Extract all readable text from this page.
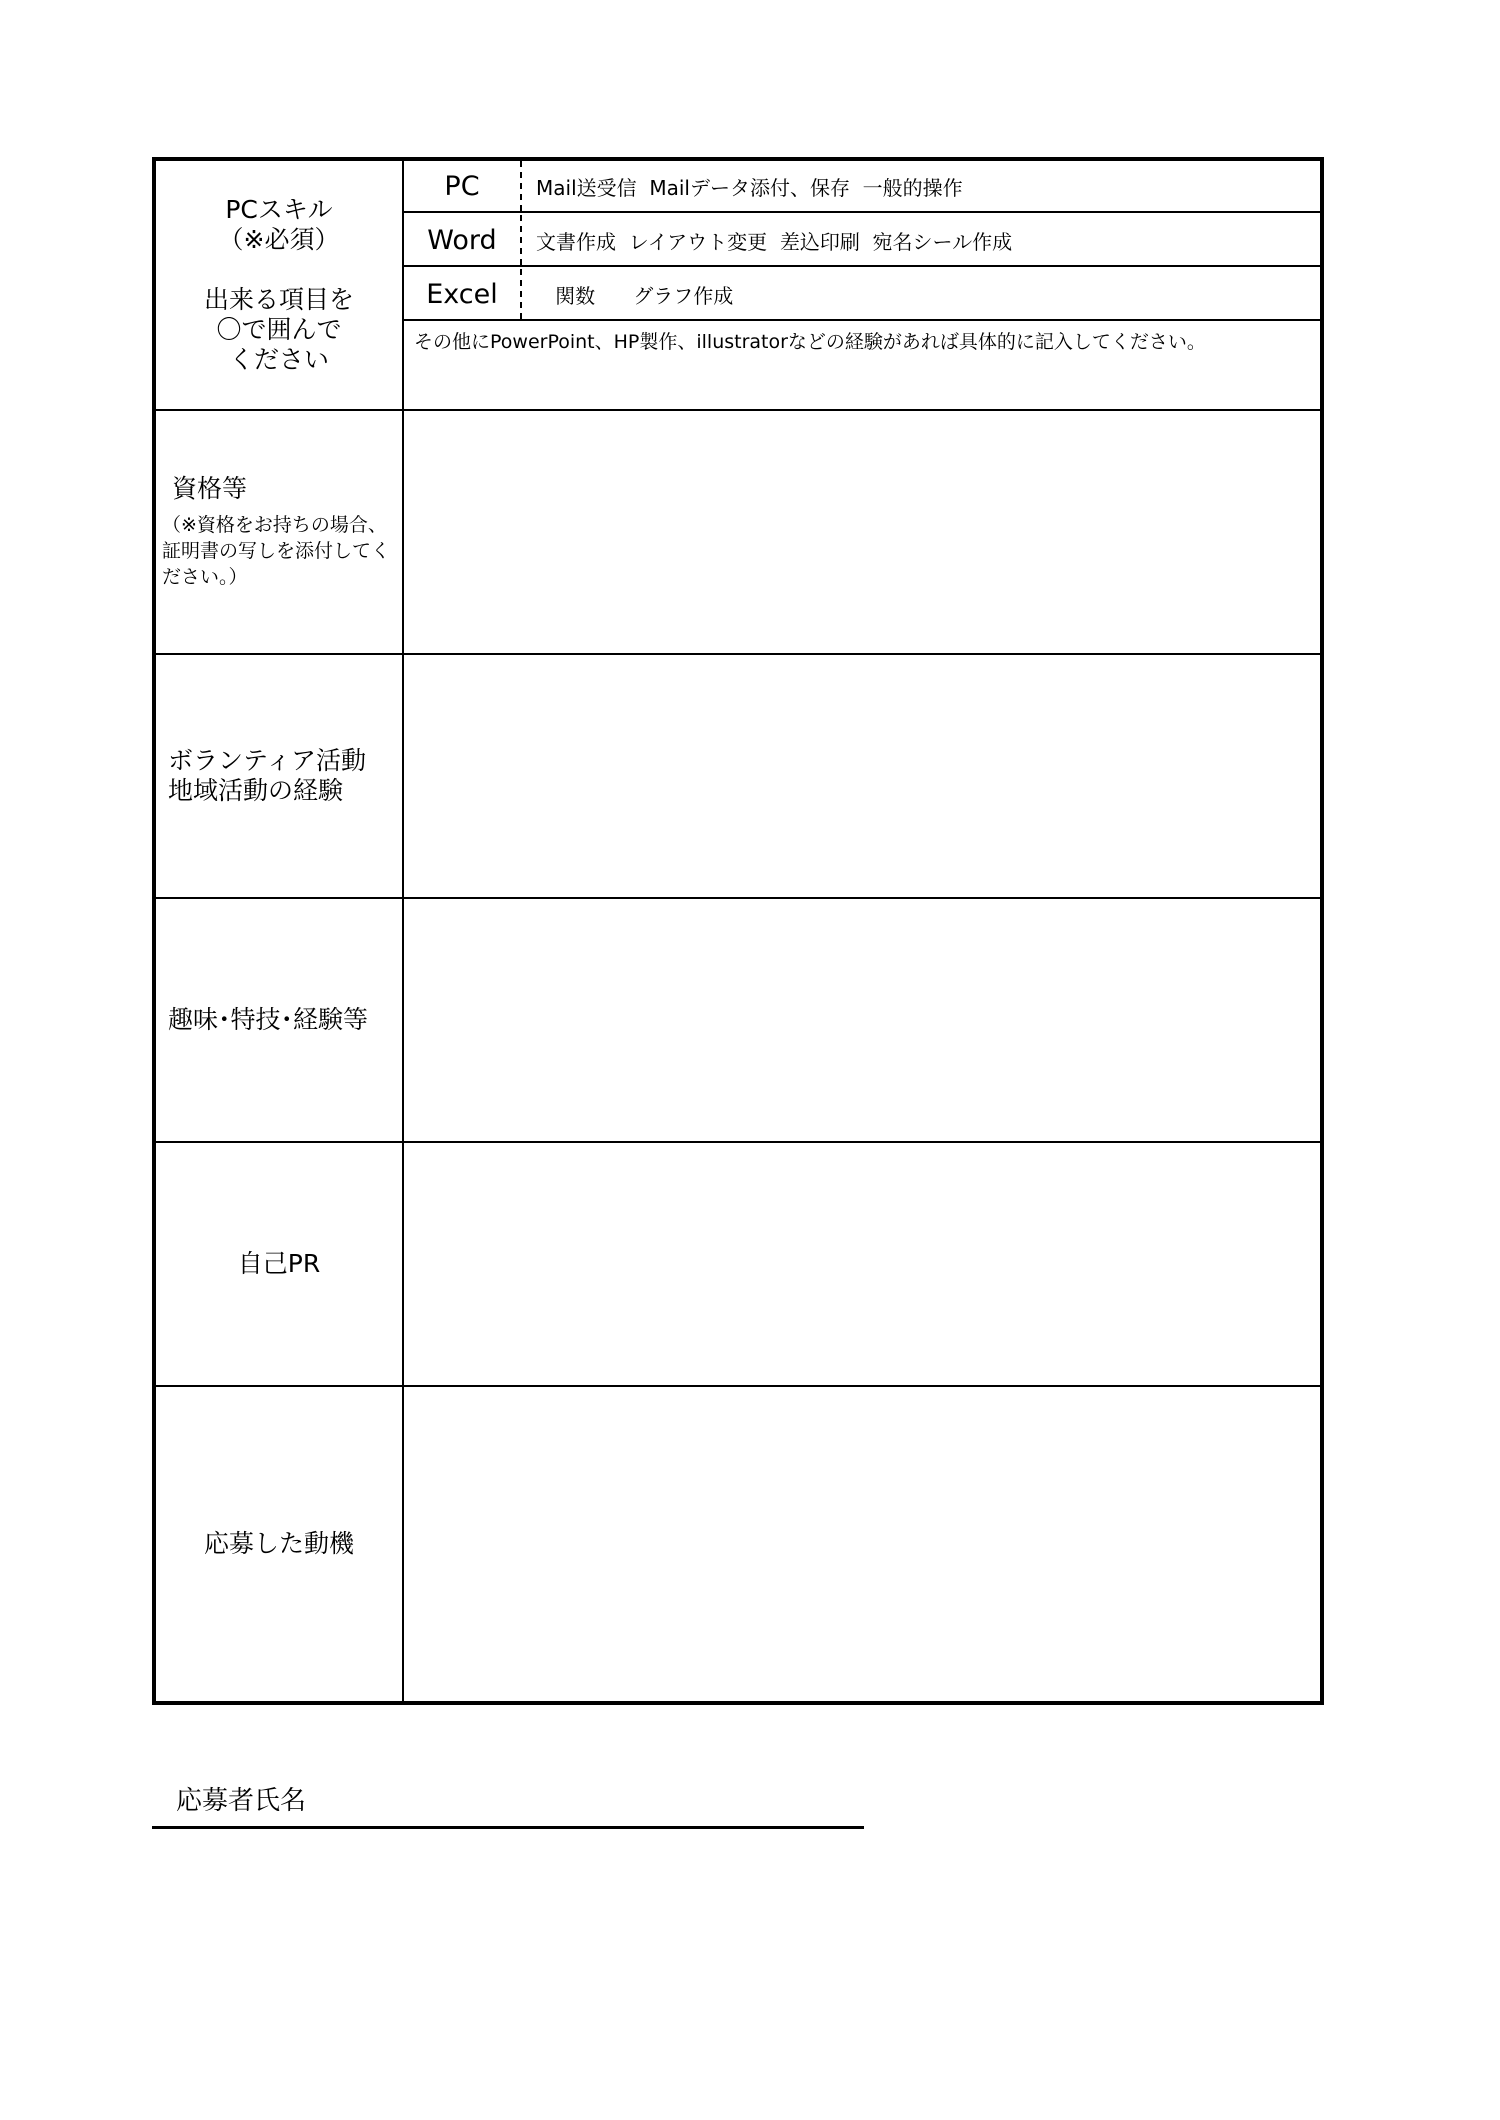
PCスキル
（※必須）
出来る項目を
〇で囲んで
ください
PC	Mail送受信  Mailデータ添付、保存  一般的操作
Word	文書作成  レイアウト変更  差込印刷  宛名シール作成
Excel	関数      グラフ作成
その他にPowerPoint、HP製作、illustratorなどの経験があれば具体的に記入してください。
資格等
（※資格をお持ちの場合、
証明書の写しを添付してく
ださい。）
ボランティア活動
地域活動の経験
趣味･特技･経験等
自己PR
応募した動機
応募者氏名
